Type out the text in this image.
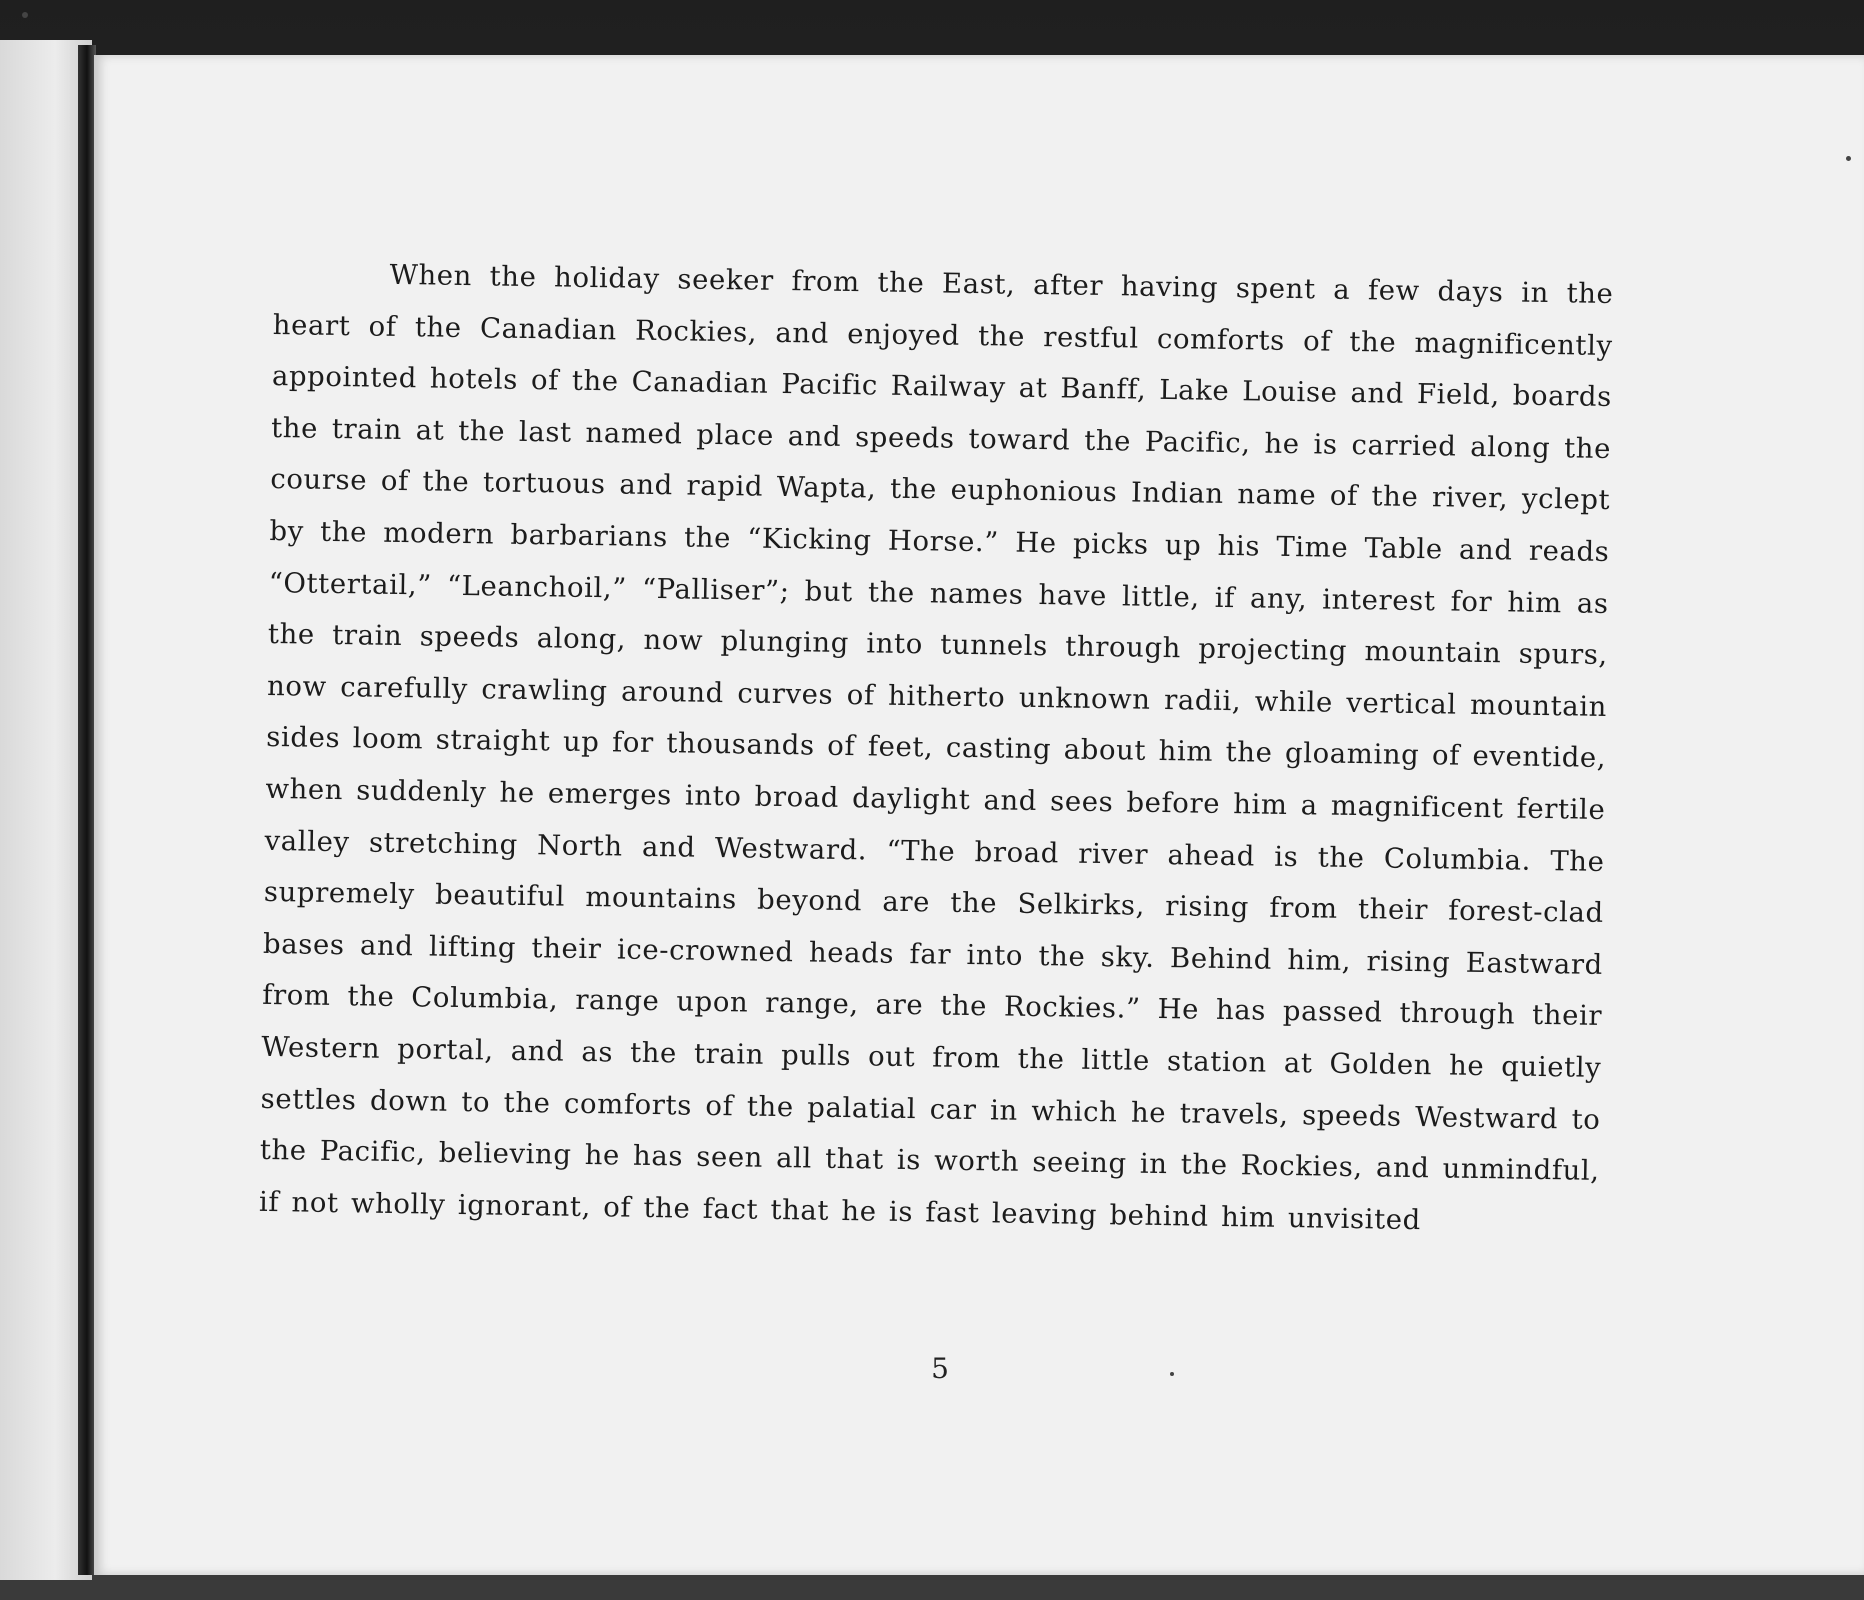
When the holiday seeker from the East, after having spent a few days in the heart of the Canadian Rockies, and enjoyed the restful comforts of the magnificently appointed hotels of the Canadian Pacific Railway at Banff, Lake Louise and Field, boards the train at the last named place and speeds toward the Pacific, he is carried along the course of the tortuous and rapid Wapta, the euphonious Indian name of the river, yclept by the modern barbarians the “Kicking Horse.” He picks up his Time Table and reads “Ottertail,” “Leanchoil,” “Palliser”; but the names have little, if any, interest for him as the train speeds along, now plunging into tunnels through projecting mountain spurs, now carefully crawling around curves of hitherto unknown radii, while vertical mountain sides loom straight up for thousands of feet, casting about him the gloaming of eventide, when suddenly he emerges into broad daylight and sees before him a magnificent fertile valley stretching North and Westward. “The broad river ahead is the Columbia. The supremely beautiful mountains beyond are the Selkirks, rising from their forest-clad bases and lifting their ice-crowned heads far into the sky. Behind him, rising Eastward from the Columbia, range upon range, are the Rockies.” He has passed through their Western portal, and as the train pulls out from the little station at Golden he quietly settles down to the comforts of the palatial car in which he travels, speeds Westward to the Pacific, believing he has seen all that is worth seeing in the Rockies, and unmindful, if not wholly ignorant, of the fact that he is fast leaving behind him unvisited

5
